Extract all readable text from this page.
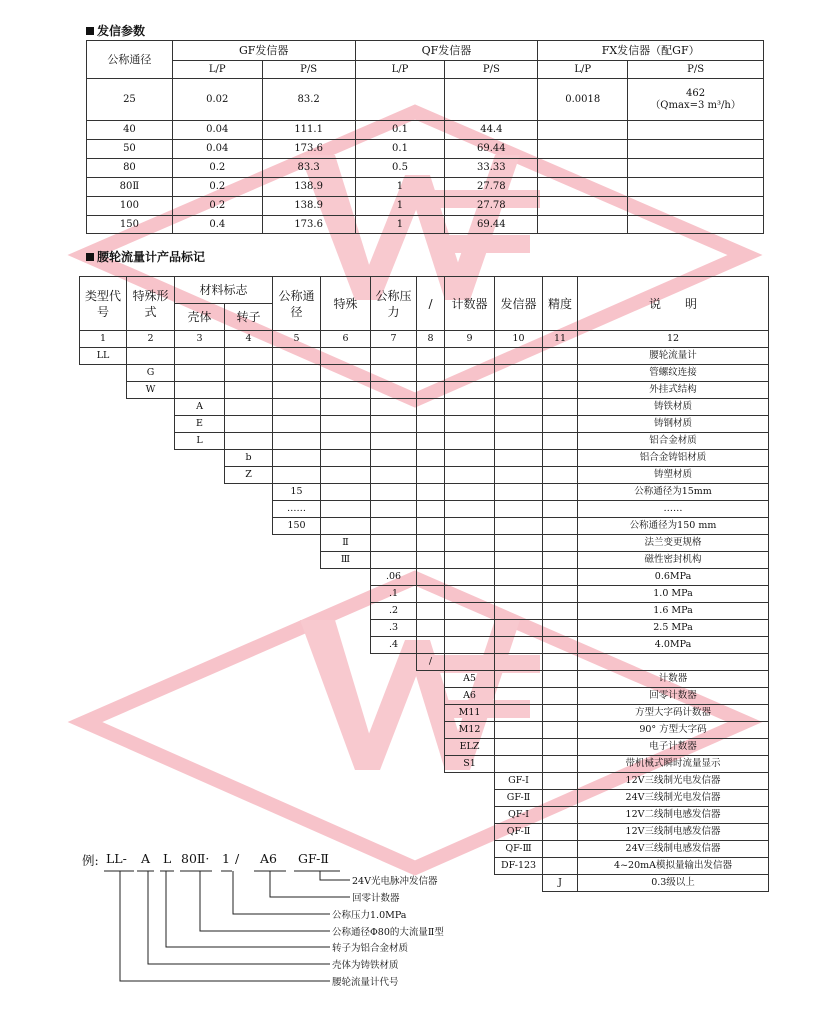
发信参数
公称通径	GF发信器		QF发信器		FX发信器（配GF）	
	L/P	P/S	L/P	P/S	L/P	P/S
25	0.02	83.2			0.0018	462
（Qmax=3 m³/h）

40	0.04	111.1	0.1	44.4		
50	0.04	173.6	0.1	69.44		
80	0.2	83.3	0.5	33.33		
80Ⅱ	0.2	138.9	1	27.78		
100	0.2	138.9	1	27.78		
150	0.4	173.6	1	69.44		
腰轮流量计产品标记
类型代号	特殊形式	材料标志		公称通径	特殊	公称压力	/	计数器	发信器	精度	说　　明
		壳体	转子								
1	2	3	4	5	6	7	8	9	10	11	12
LL											腰轮流量计
	G										管螺纹连接
	W										外挂式结构
		A									铸铁材质
		E									铸钢材质
		L									铝合金材质
			b								铝合金铸铝材质
			Z								铸塑材质
				15							公称通径为15mm
				……							……
				150							公称通径为150 mm
					Ⅱ						法兰变更规格
					Ⅲ						磁性密封机构
						.06					0.6MPa
						.1					1.0 MPa
						.2					1.6 MPa
						.3					2.5 MPa
						.4					4.0MPa
							/				
								A5			计数器
								A6			回零计数器
								M11			方型大字码计数器
								M12			90° 方型大字码
								ELZ			电子计数器
								S1			带机械式瞬时流量显示
									GF-Ⅰ		12V三线制光电发信器
									GF-Ⅱ		24V三线制光电发信器
									QF-Ⅰ		12V二线制电感发信器
									QF-Ⅱ		12V三线制电感发信器
									QF-Ⅲ		24V三线制电感发信器
									DF-123		4~20mA模拟量输出发信器
										J	0.3级以上
例: LL- A L 80Ⅱ· 1 / A6 GF-Ⅱ
24V光电脉冲发信器
回零计数器
公称压力1.0MPa
公称通径Φ80的大流量Ⅱ型
转子为铝合金材质
壳体为铸铁材质
腰轮流量计代号
